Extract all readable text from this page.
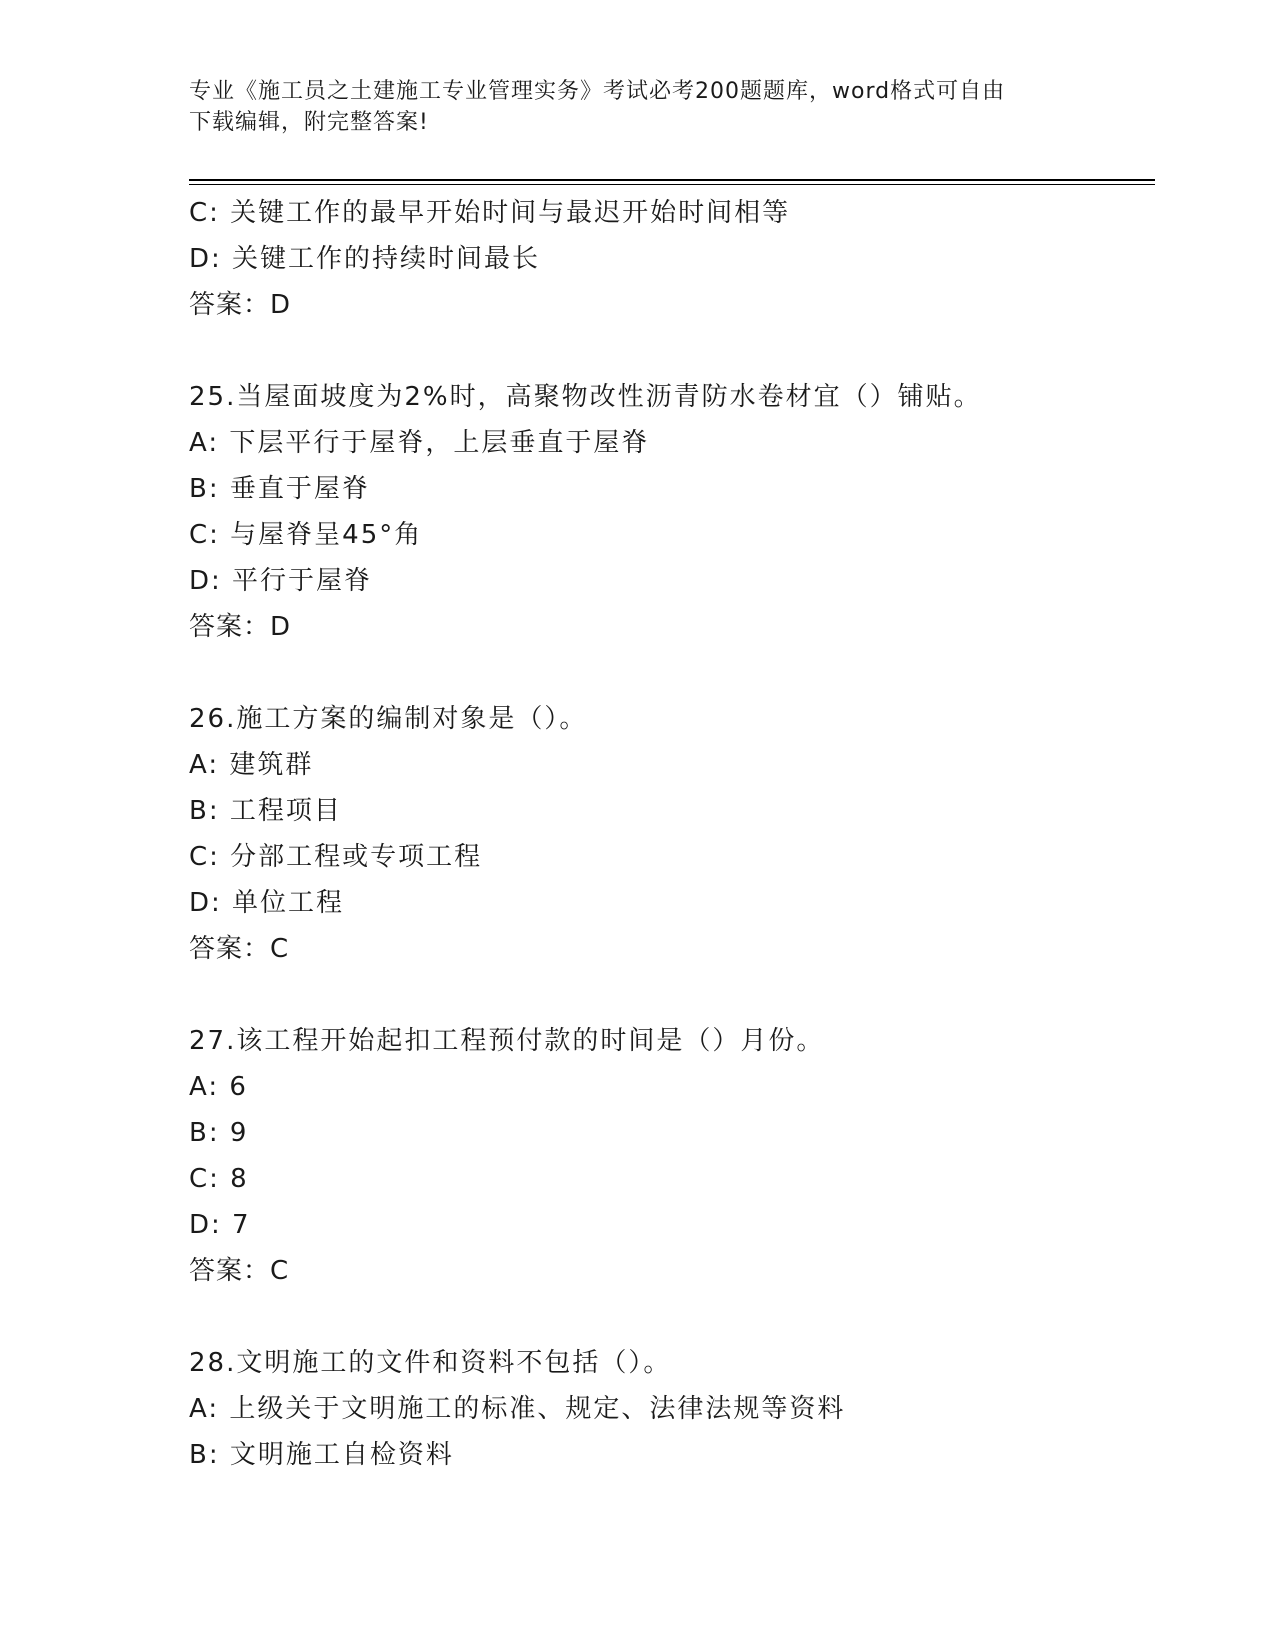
专业《施工员之土建施工专业管理实务》考试必考200题题库，word格式可自由
下载编辑，附完整答案!
C: 关键工作的最早开始时间与最迟开始时间相等
D: 关键工作的持续时间最长
答案：D
25.当屋面坡度为2%时，高聚物改性沥青防水卷材宜（）铺贴。
A: 下层平行于屋脊，上层垂直于屋脊
B: 垂直于屋脊
C: 与屋脊呈45°角
D: 平行于屋脊
答案：D
26.施工方案的编制对象是（）。
A: 建筑群
B: 工程项目
C: 分部工程或专项工程
D: 单位工程
答案：C
27.该工程开始起扣工程预付款的时间是（）月份。
A: 6
B: 9
C: 8
D: 7
答案：C
28.文明施工的文件和资料不包括（）。
A: 上级关于文明施工的标准、规定、法律法规等资料
B: 文明施工自检资料
